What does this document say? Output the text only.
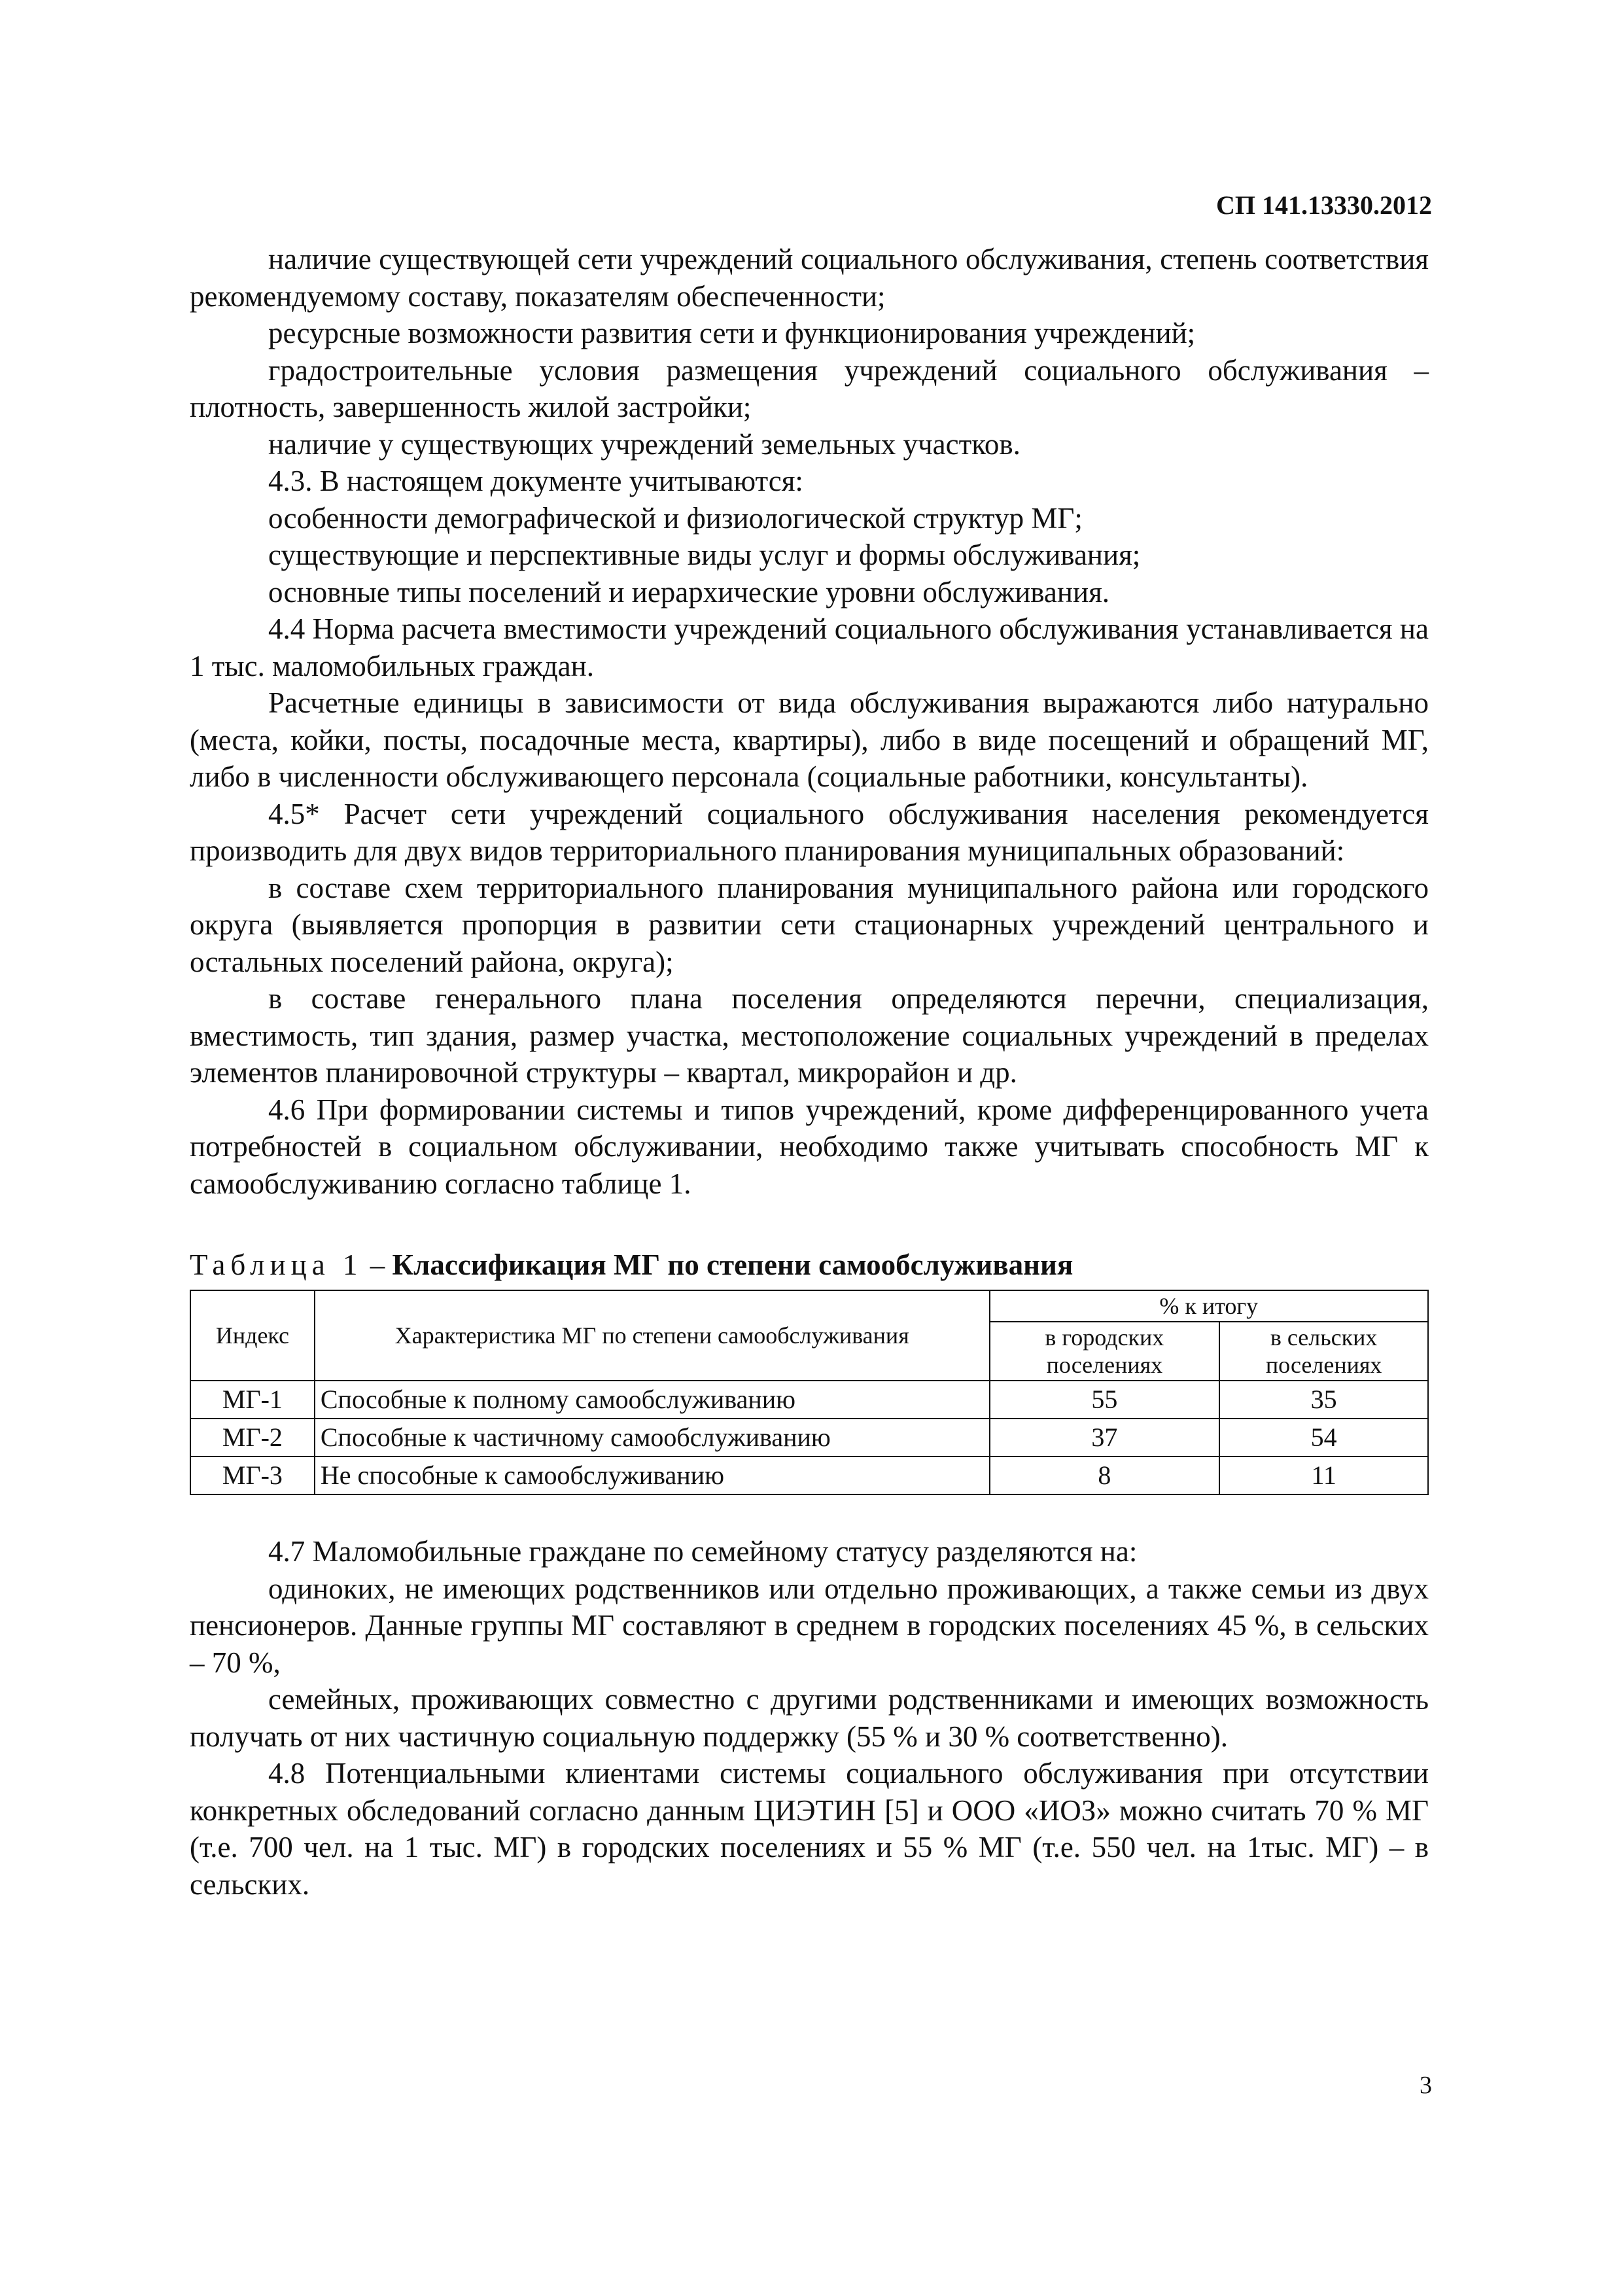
СП 141.13330.2012

наличие существующей сети учреждений социального обслуживания, степень соответствия рекомендуемому составу, показателям обеспеченности;

ресурсные возможности развития сети и функционирования учреждений;

градостроительные условия размещения учреждений социального обслуживания – плотность, завершенность жилой застройки;

наличие у существующих учреждений земельных участков.

4.3. В настоящем документе учитываются:

особенности демографической и физиологической структур МГ;

существующие и перспективные виды услуг и формы обслуживания;

основные типы поселений и иерархические уровни обслуживания.

4.4 Норма расчета вместимости учреждений социального обслуживания устанавливается на 1 тыс. маломобильных граждан.

Расчетные единицы в зависимости от вида обслуживания выражаются либо натурально (места, койки, посты, посадочные места, квартиры), либо в виде посещений и обращений МГ, либо в численности обслуживающего персонала (социальные работники, консультанты).

4.5* Расчет сети учреждений социального обслуживания населения рекомендуется производить для двух видов территориального планирования муниципальных образований:

в составе схем территориального планирования муниципального района или городского округа (выявляется пропорция в развитии сети стационарных учреждений центрального и остальных поселений района, округа);

в составе генерального плана поселения определяются перечни, специализация, вместимость, тип здания, размер участка, местоположение социальных учреждений в пределах элементов планировочной структуры – квартал, микрорайон и др.

4.6 При формировании системы и типов учреждений, кроме дифференцированного учета потребностей в социальном обслуживании, необходимо также учитывать способность МГ к самообслуживанию согласно таблице 1.

Таблица 1 – Классификация МГ по степени самообслуживания
Индекс	Характеристика МГ по степени самообслуживания	% к итогу	
		в городских поселениях	в сельских поселениях
МГ-1	Способные к полному самообслуживанию	55	35
МГ-2	Способные к частичному самообслуживанию	37	54
МГ-3	Не способные к самообслуживанию	8	11

4.7 Маломобильные граждане по семейному статусу разделяются на:

одиноких, не имеющих родственников или отдельно проживающих, а также семьи из двух пенсионеров. Данные группы МГ составляют в среднем в городских поселениях 45 %, в сельских – 70 %,

семейных, проживающих совместно с другими родственниками и имеющих возможность получать от них частичную социальную поддержку (55 % и 30 % соответственно).

4.8 Потенциальными клиентами системы социального обслуживания при отсутствии конкретных обследований согласно данным ЦИЭТИН [5] и ООО «ИОЗ» можно считать 70 % МГ (т.е. 700 чел. на 1 тыс. МГ) в городских поселениях и 55 % МГ (т.е. 550 чел. на 1тыс. МГ) – в сельских.

3
